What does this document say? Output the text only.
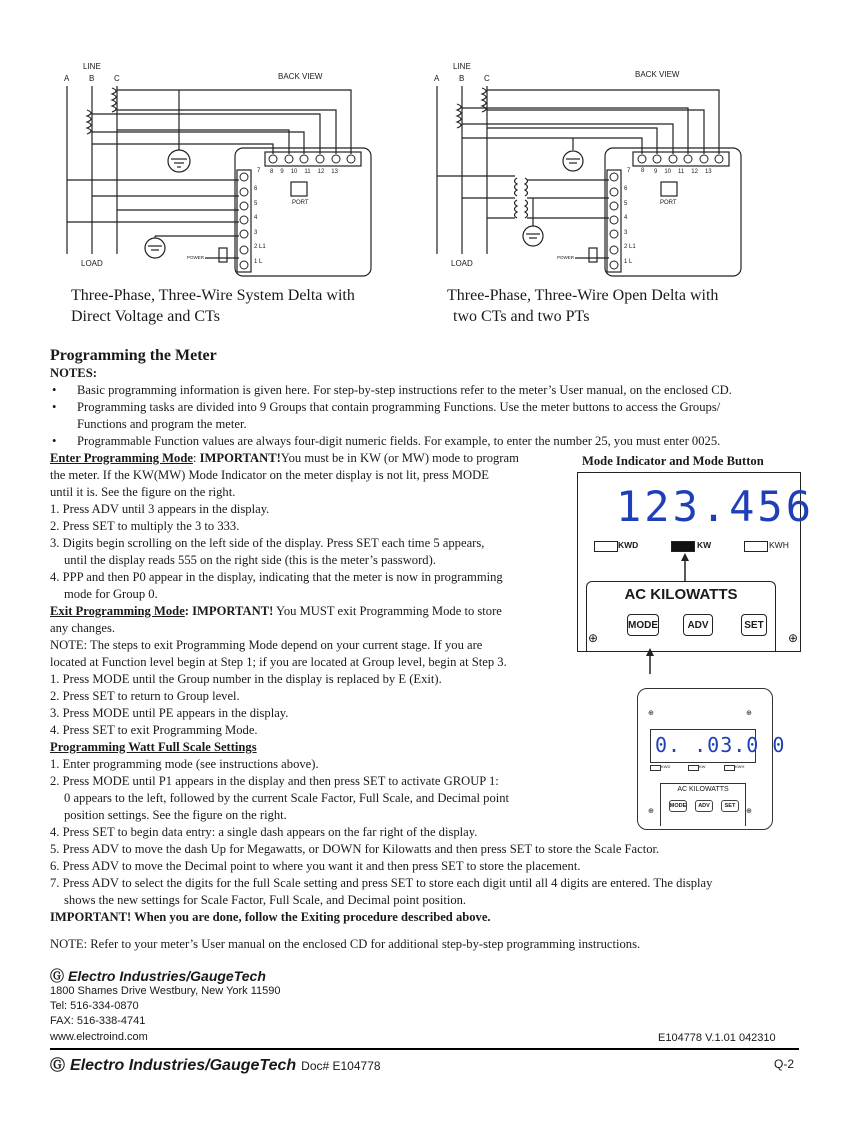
LINE
A B C	BACK VIEW
LOAD
POWER
PORT
7 8 9 10 11 12 13
6
5
4
3
2 L1
1 L
Three-Phase, Three-Wire System Delta with
Direct Voltage and CTs
LINE
A B C	BACK VIEW
LOAD
POWER
PORT
7 8 9 10 11 12 13
6
5
4
3
2 L1
1 L
Three-Phase, Three-Wire Open Delta with
two CTs and two PTs
Programming the Meter
NOTES:
• Basic programming information is given here. For step-by-step instructions refer to the meter’s User manual, on the enclosed CD.
• Programming tasks are divided into 9 Groups that contain programming Functions. Use the meter buttons to access the Groups/
Functions and program the meter.
• Programmable Function values are always four-digit numeric fields. For example, to enter the number 25, you must enter 0025.
Enter Programming Mode: IMPORTANT!You must be in KW (or MW) mode to program
the meter. If the KW(MW) Mode Indicator on the meter display is not lit, press MODE
until it is. See the figure on the right.
1. Press ADV until 3 appears in the display.
2. Press SET to multiply the 3 to 333.
3. Digits begin scrolling on the left side of the display. Press SET each time 5 appears,
until the display reads 555 on the right side (this is the meter’s password).
4. PPP and then P0 appear in the display, indicating that the meter is now in programming
mode for Group 0.
Exit Programming Mode: IMPORTANT! You MUST exit Programming Mode to store
any changes.
NOTE: The steps to exit Programming Mode depend on your current stage. If you are
located at Function level begin at Step 1; if you are located at Group level, begin at Step 3.
1. Press MODE until the Group number in the display is replaced by E (Exit).
2. Press SET to return to Group level.
3. Press MODE until PE appears in the display.
4. Press SET to exit Programming Mode.
Programming Watt Full Scale Settings
1. Enter programming mode (see instructions above).
2. Press MODE until P1 appears in the display and then press SET to activate GROUP 1:
0 appears to the left, followed by the current Scale Factor, Full Scale, and Decimal point
position settings. See the figure on the right.
4. Press SET to begin data entry: a single dash appears on the far right of the display.
5. Press ADV to move the dash Up for Megawatts, or DOWN for Kilowatts and then press SET to store the Scale Factor.
6. Press ADV to move the Decimal point to where you want it and then press SET to store the placement.
7. Press ADV to select the digits for the full Scale setting and press SET to store each digit until all 4 digits are entered. The display
shows the new settings for Scale Factor, Full Scale, and Decimal point position.
IMPORTANT! When you are done, follow the Exiting procedure described above.
NOTE: Refer to your meter’s User manual on the enclosed CD for additional step-by-step programming instructions.
Mode Indicator and Mode Button
123.456
KWD	KW	KWH
AC KILOWATTS
MODE	ADV	SET
⊕	⊕
⊕	⊕
0. .03.0 0
KWD	KW	KWH
AC KILOWATTS
MODE	ADV	SET
⊕	⊕
Ⓖ Electro Industries/GaugeTech
1800 Shames Drive Westbury, New York 11590
Tel: 516-334-0870
FAX: 516-338-4741
www.electroind.com	E104778 V.1.01 042310
Ⓖ Electro Industries/GaugeTech Doc# E104778	Q-2
